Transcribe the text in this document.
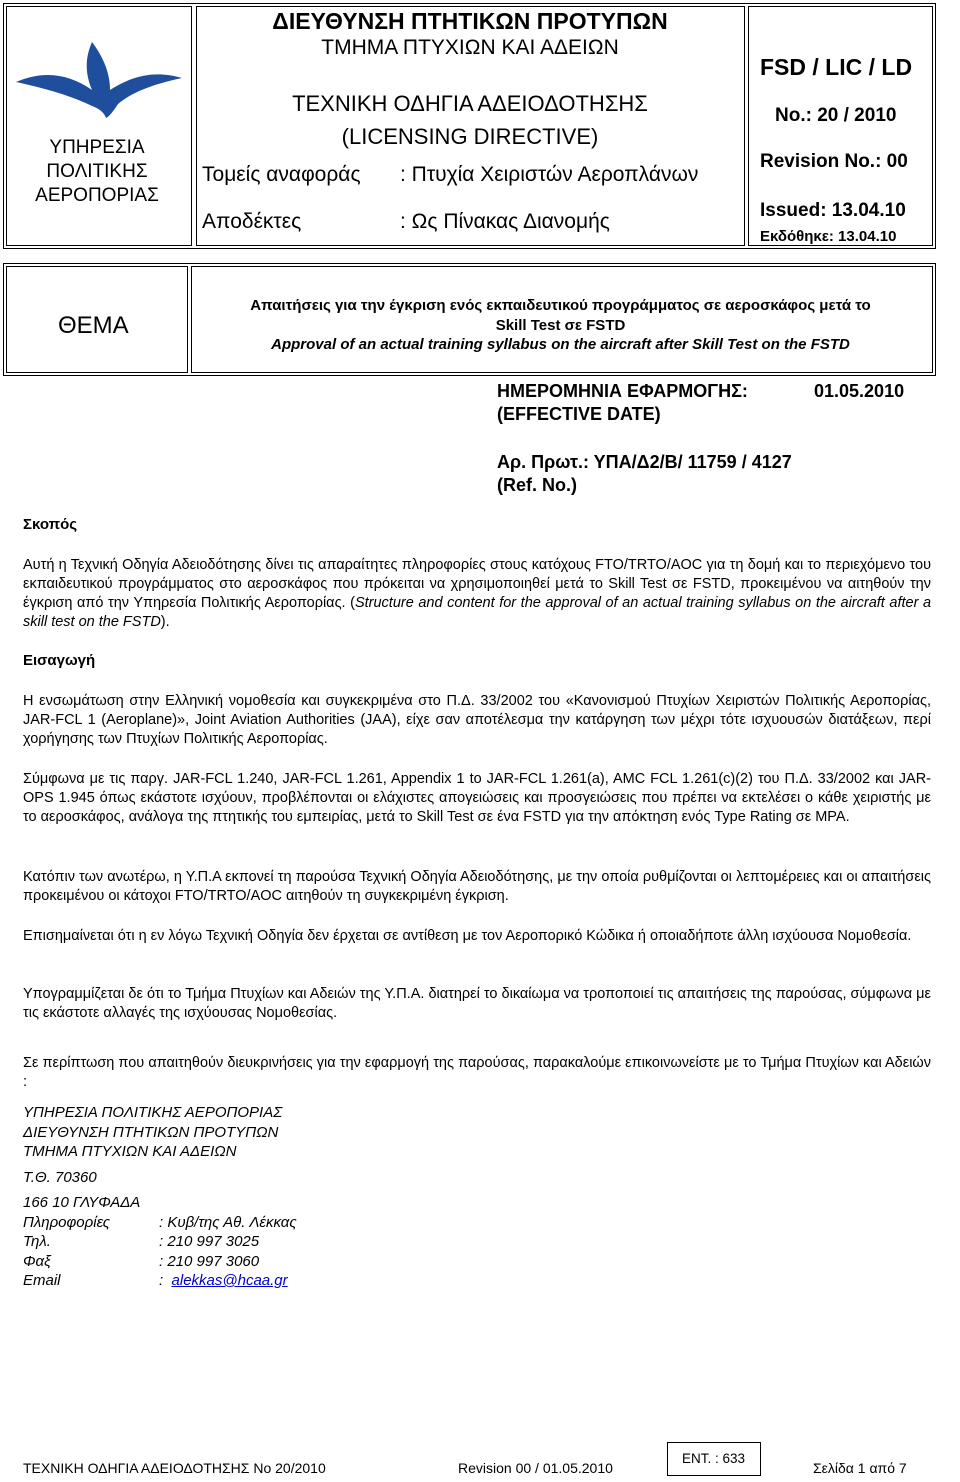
ΥΠΗΡΕΣΙΑ
ΠΟΛΙΤΙΚΗΣ
ΑΕΡΟΠΟΡΙΑΣ
ΔΙΕΥΘΥΝΣΗ ΠΤΗΤΙΚΩΝ ΠΡΟΤΥΠΩΝ
ΤΜΗΜΑ ΠΤΥΧΙΩΝ ΚΑΙ ΑΔΕΙΩΝ
ΤΕΧΝΙΚΗ ΟΔΗΓΙΑ ΑΔΕΙΟΔΟΤΗΣΗΣ
(LICENSING DIRECTIVE)
Τομείς αναφοράς : Πτυχία Χειριστών Αεροπλάνων
Αποδέκτες	: Ως Πίνακας Διανομής
FSD / LIC / LD
No.: 20 / 2010
Revision No.: 00
Issued: 13.04.10
Εκδόθηκε: 13.04.10
ΘΕΜΑ
Απαιτήσεις για την έγκριση ενός εκπαιδευτικού προγράμματος σε αεροσκάφος μετά το
Skill Test σε FSTD
Approval of an actual training syllabus on the aircraft after Skill Test on the FSTD
ΗΜΕΡΟΜΗΝΙΑ ΕΦΑΡΜΟΓΗΣ:	01.05.2010
(EFFECTIVE DATE)
Αρ. Πρωτ.: ΥΠΑ/Δ2/Β/ 11759 / 4127
(Ref. No.)
Σκοπός
Αυτή η Τεχνική Οδηγία Αδειοδότησης δίνει τις απαραίτητες πληροφορίες στους κατόχους FTO/TRTO/AOC για τη δομή και το περιεχόμενο του εκπαιδευτικού προγράμματος στο αεροσκάφος που πρόκειται να χρησιμοποιηθεί μετά το Skill Test σε FSTD, προκειμένου να αιτηθούν την έγκριση από την Υπηρεσία Πολιτικής Αεροπορίας. (Structure and content for the approval of an actual training syllabus on the aircraft after a skill test on the FSTD).
Εισαγωγή
Η ενσωμάτωση στην Ελληνική νομοθεσία και συγκεκριμένα στο Π.Δ. 33/2002 του «Κανονισμού Πτυχίων Χειριστών Πολιτικής Αεροπορίας, JAR-FCL 1 (Aeroplane)», Joint Aviation Authorities (JAA), είχε σαν αποτέλεσμα την κατάργηση των μέχρι τότε ισχυουσών διατάξεων, περί χορήγησης των Πτυχίων Πολιτικής Αεροπορίας.
Σύμφωνα με τις παργ. JAR-FCL 1.240, JAR-FCL 1.261, Appendix 1 to JAR-FCL 1.261(a), AMC FCL 1.261(c)(2) του Π.Δ. 33/2002 και JAR-OPS 1.945 όπως εκάστοτε ισχύουν, προβλέπονται οι ελάχιστες απογειώσεις και προσγειώσεις που πρέπει να εκτελέσει ο κάθε χειριστής με το αεροσκάφος, ανάλογα της πτητικής του εμπειρίας, μετά το Skill Test σε ένα FSTD για την απόκτηση ενός Type Rating σε ΜΡΑ.
Κατόπιν των ανωτέρω, η Υ.Π.Α εκπονεί τη παρούσα Τεχνική Οδηγία Αδειοδότησης, με την οποία ρυθμίζονται οι λεπτομέρειες και οι απαιτήσεις προκειμένου οι κάτοχοι FTO/TRTO/AOC αιτηθούν τη συγκεκριμένη έγκριση.
Επισημαίνεται ότι η εν λόγω Τεχνική Οδηγία δεν έρχεται σε αντίθεση με τον Αεροπορικό Κώδικα ή οποιαδήποτε άλλη ισχύουσα Νομοθεσία.
Υπογραμμίζεται δε ότι το Τμήμα Πτυχίων και Αδειών της Υ.Π.Α. διατηρεί το δικαίωμα να τροποποιεί τις απαιτήσεις της παρούσας, σύμφωνα με τις εκάστοτε αλλαγές της ισχύουσας Νομοθεσίας.
Σε περίπτωση που απαιτηθούν διευκρινήσεις για την εφαρμογή της παρούσας, παρακαλούμε επικοινωνείστε με το Τμήμα Πτυχίων και Αδειών :
ΥΠΗΡΕΣΙΑ ΠΟΛΙΤΙΚΗΣ ΑΕΡΟΠΟΡΙΑΣ
ΔΙΕΥΘΥΝΣΗ ΠΤΗΤΙΚΩΝ ΠΡΟΤΥΠΩΝ
ΤΜΗΜΑ ΠΤΥΧΙΩΝ ΚΑΙ ΑΔΕΙΩΝ
Τ.Θ. 70360
166 10 ΓΛΥΦΑΔΑ
Πληροφορίες	: Κυβ/της Αθ. Λέκκας
Τηλ.	: 210 997 3025
Φαξ	: 210 997 3060
Email	: alekkas@hcaa.gr
ΤΕΧΝΙΚΗ ΟΔΗΓΙΑ ΑΔΕΙΟΔΟΤΗΣΗΣ No 20/2010	Revision 00 / 01.05.2010
ENT. : 633
Σελίδα 1 από 7
